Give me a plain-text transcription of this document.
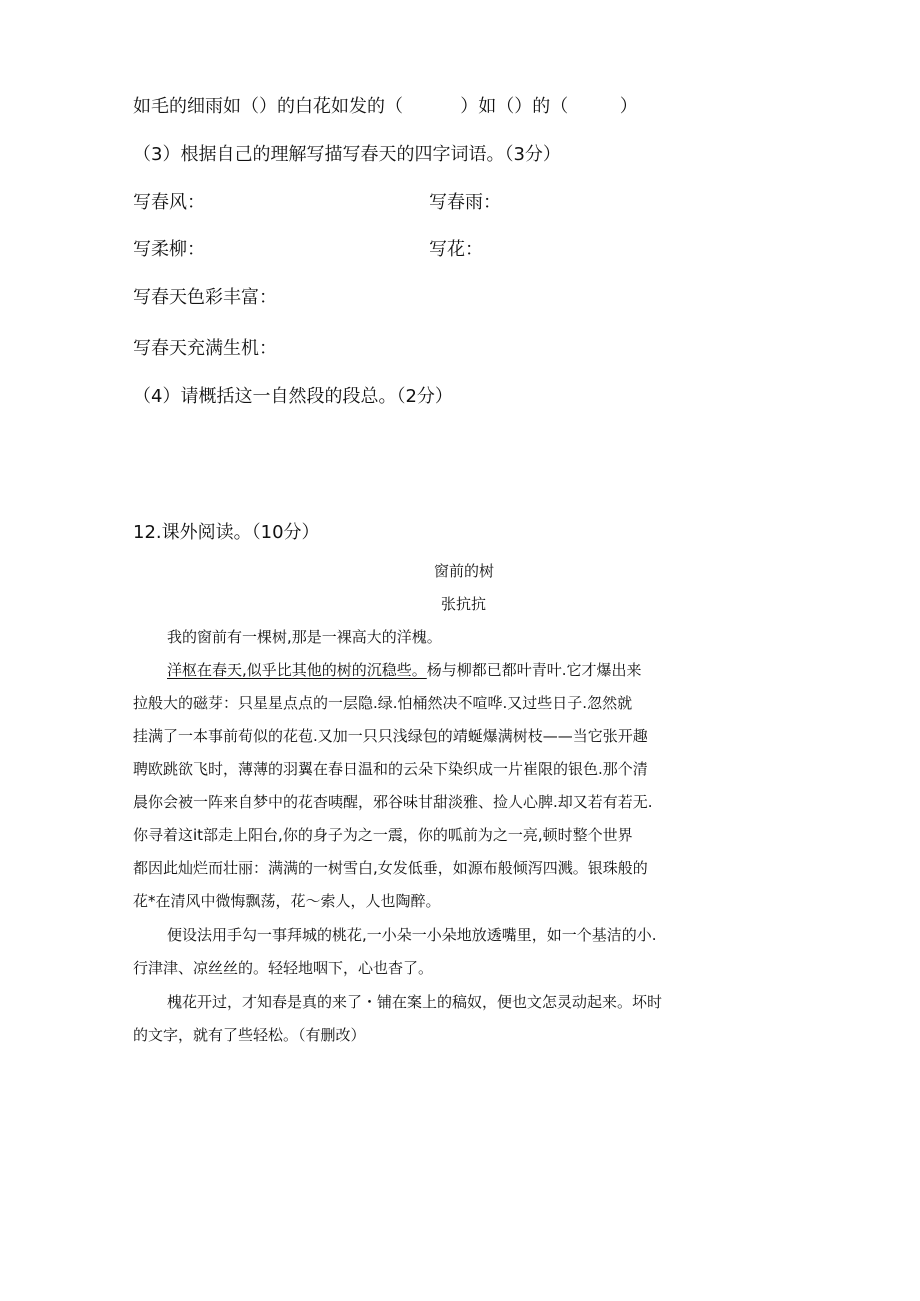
如毛的细雨如（）的白花如发的（          ）如（）的（         ）
（3）根据自己的理解写描写春天的四字词语。（3分）
写春风：	写春雨：
写柔柳：	写花：
写春天色彩丰富：
写春天充满生机：
（4）请概括这一自然段的段总。（2分）
12.课外阅读。（10分）
窗前的树
张抗抗
我的窗前有一棵树,那是一裸高大的洋槐。
洋枢在春天,似乎比其他的树的沉稳些。杨与柳都已都叶青叶.它才爆出来
拉般大的磁芽：只星星点点的一层隐.绿.怕桶然决不喧哗.又过些日子.忽然就
挂满了一本事前荀似的花苞.又加一只只浅绿包的靖蜒爆满树枝——当它张开趣
聘欧跳欲飞时，薄薄的羽翼在春日温和的云朵下染织成一片崔限的银色.那个清
晨你会被一阵来自梦中的花杳咦醒，邪谷味甘甜淡雅、捡人心脾.却又若有若无.
你寻着这it部走上阳台,你的身子为之一震，你的呱前为之一亮,顿时整个世界
都因此灿烂而壮丽：满满的一树雪白,女发低垂，如源布般倾泻四溅。银珠般的
花*在清风中微悔飘荡，花～索人，人也陶醉。
便设法用手勾一事拜城的桃花,一小朵一小朵地放透嘴里，如一个基洁的小.
行津津、凉丝丝的。轻轻地咽下，心也杳了。
槐花开过，才知春是真的来了・铺在案上的稿奴，便也文怎灵动起来。坏时
的文字，就有了些轻松。（有删改）
